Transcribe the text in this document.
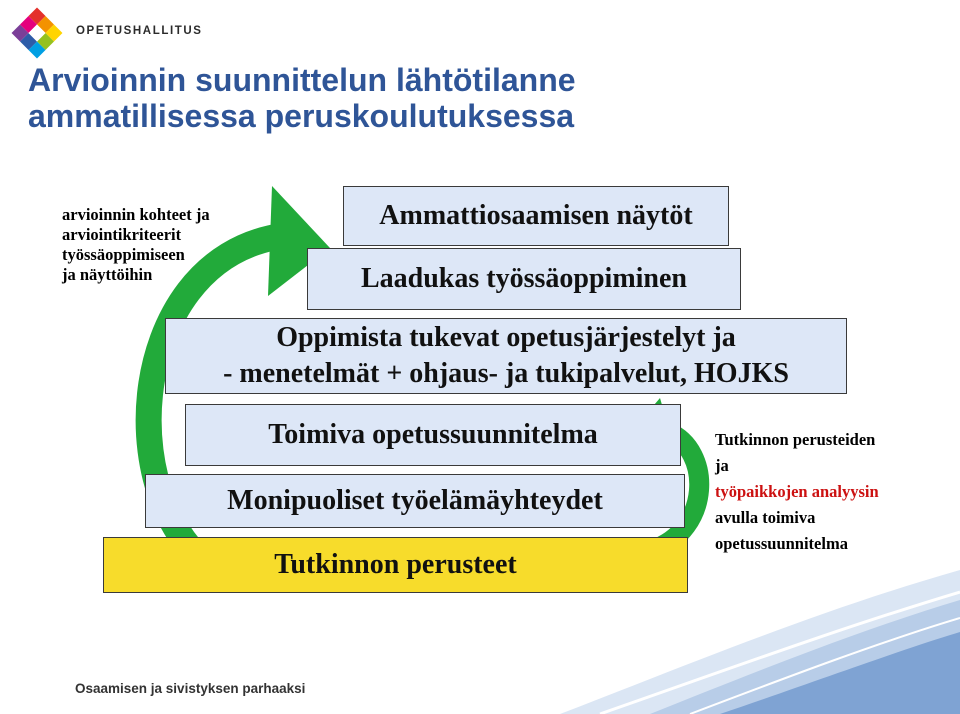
OPETUSHALLITUS
Arvioinnin suunnittelun lähtötilanne
ammatillisessa peruskoulutuksessa
Ammattiosaamisen näytöt
Laadukas työssäoppiminen
Oppimista tukevat opetusjärjestelyt ja
- menetelmät + ohjaus- ja tukipalvelut, HOJKS
Toimiva opetussuunnitelma
Monipuoliset työelämäyhteydet
Tutkinnon perusteet
arvioinnin kohteet ja
arviointikriteerit
työssäoppimiseen
ja näyttöihin
Tutkinnon perusteiden
ja
työpaikkojen analyysin
avulla toimiva
opetussuunnitelma
Osaamisen ja sivistyksen parhaaksi
